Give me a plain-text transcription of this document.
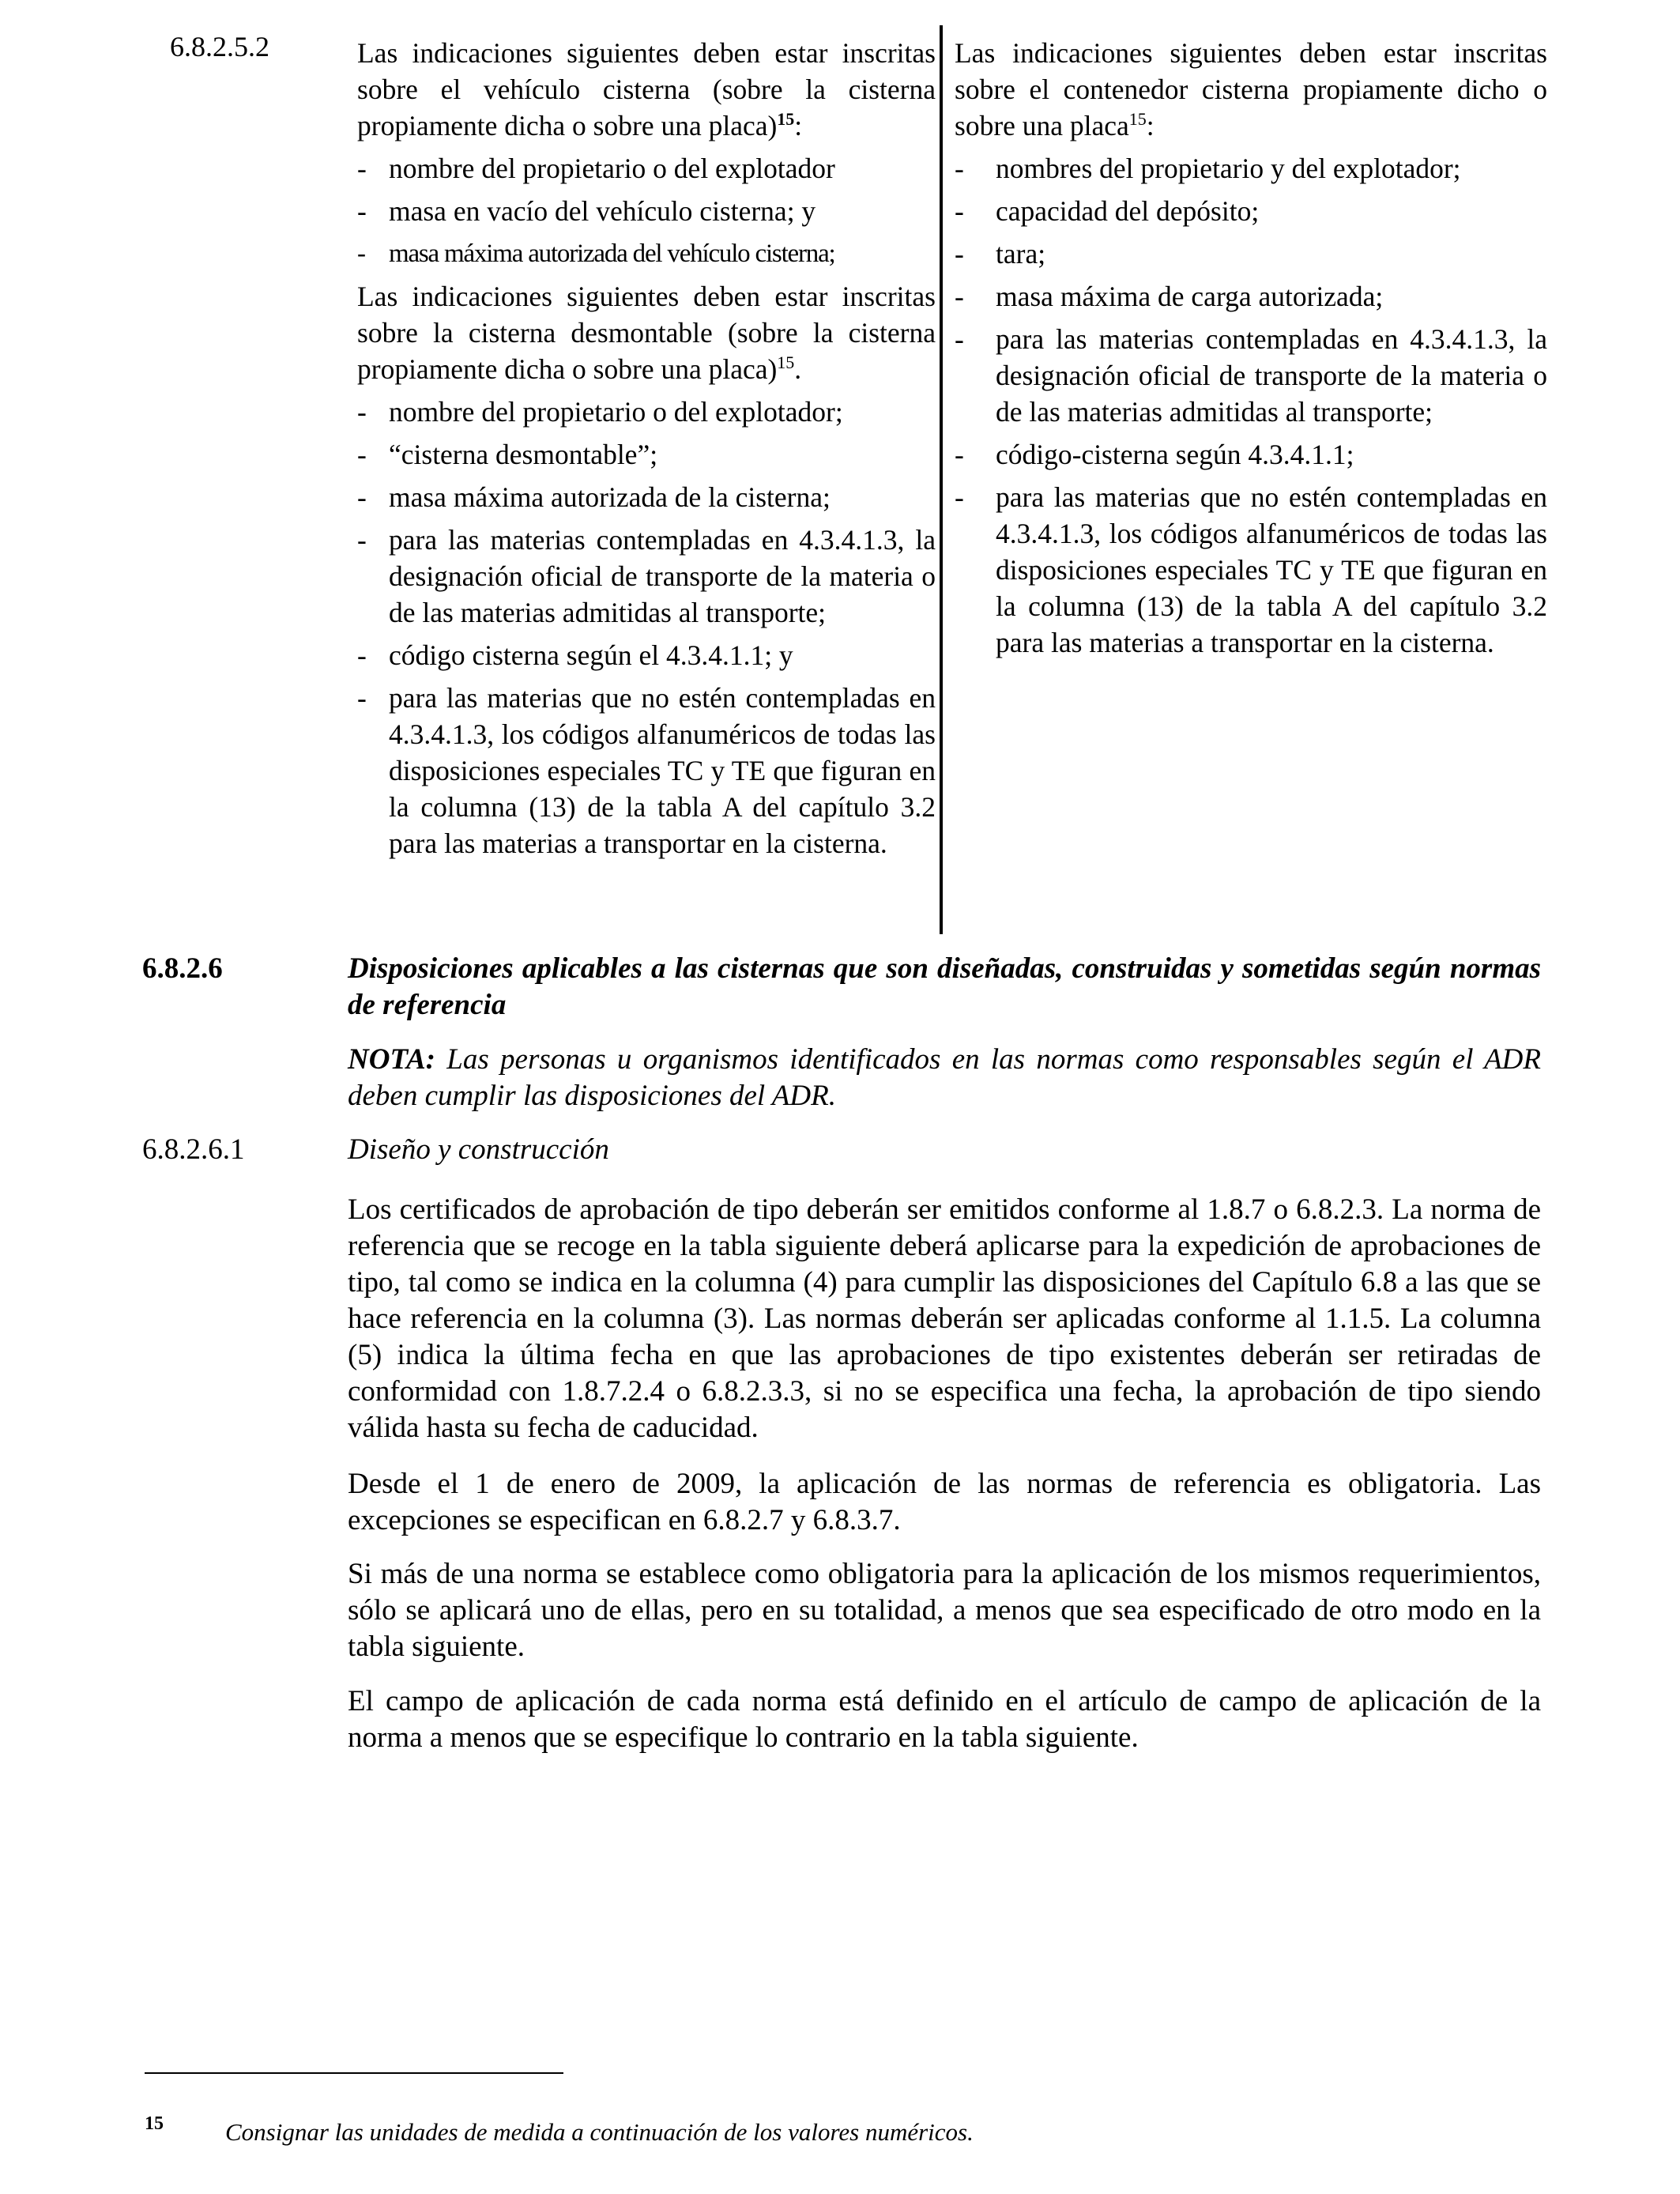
6.8.2.5.2	Las indicaciones siguientes deben estar inscritas sobre el vehículo cisterna (sobre la cisterna propiamente dicha o sobre una placa)$^{15}$:

- nombre del propietario o del explotador
- masa en vacío del vehículo cisterna; y
- masa máxima autorizada del vehículo cisterna;

Las indicaciones siguientes deben estar inscritas sobre la cisterna desmontable (sobre la cisterna propiamente dicha o sobre una placa)$^{15}$.

- nombre del propietario o del explotador;
- “cisterna desmontable”;
- masa máxima autorizada de la cisterna;
- para las materias contempladas en 4.3.4.1.3, la designación oficial de transporte de la materia o de las materias admitidas al transporte;
- código cisterna según el 4.3.4.1.1; y
- para las materias que no estén contempladas en 4.3.4.1.3, los códigos alfanuméricos de todas las disposiciones especiales TC y TE que figuran en la columna (13) de la tabla A del capítulo 3.2 para las materias a transportar en la cisterna.

Las indicaciones siguientes deben estar inscritas sobre el contenedor cisterna propiamente dicho o sobre una placa$^{15}$:

- nombres del propietario y del explotador;
- capacidad del depósito;
- tara;
- masa máxima de carga autorizada;
- para las materias contempladas en 4.3.4.1.3, la designación oficial de transporte de la materia o de las materias admitidas al transporte;
- código-cisterna según 4.3.4.1.1;
- para las materias que no estén contempladas en 4.3.4.1.3, los códigos alfanuméricos de todas las disposiciones especiales TC y TE que figuran en la columna (13) de la tabla A del capítulo 3.2 para las materias a transportar en la cisterna.
6.8.2.6	Disposiciones aplicables a las cisternas que son diseñadas, construidas y sometidas según normas de referencia
NOTA: Las personas u organismos identificados en las normas como responsables según el ADR deben cumplir las disposiciones del ADR.
6.8.2.6.1	Diseño y construcción
Los certificados de aprobación de tipo deberán ser emitidos conforme al 1.8.7 o 6.8.2.3. La norma de referencia que se recoge en la tabla siguiente deberá aplicarse para la expedición de aprobaciones de tipo, tal como se indica en la columna (4) para cumplir las disposiciones del Capítulo 6.8 a las que se hace referencia en la columna (3). Las normas deberán ser aplicadas conforme al 1.1.5. La columna (5) indica la última fecha en que las aprobaciones de tipo existentes deberán ser retiradas de conformidad con 1.8.7.2.4 o 6.8.2.3.3, si no se especifica una fecha, la aprobación de tipo siendo válida hasta su fecha de caducidad.
Desde el 1 de enero de 2009, la aplicación de las normas de referencia es obligatoria. Las excepciones se especifican en 6.8.2.7 y 6.8.3.7.
Si más de una norma se establece como obligatoria para la aplicación de los mismos requerimientos, sólo se aplicará uno de ellas, pero en su totalidad, a menos que sea especificado de otro modo en la tabla siguiente.
El campo de aplicación de cada norma está definido en el artículo de campo de aplicación de la norma a menos que se especifique lo contrario en la tabla siguiente.
15	Consignar las unidades de medida a continuación de los valores numéricos.
